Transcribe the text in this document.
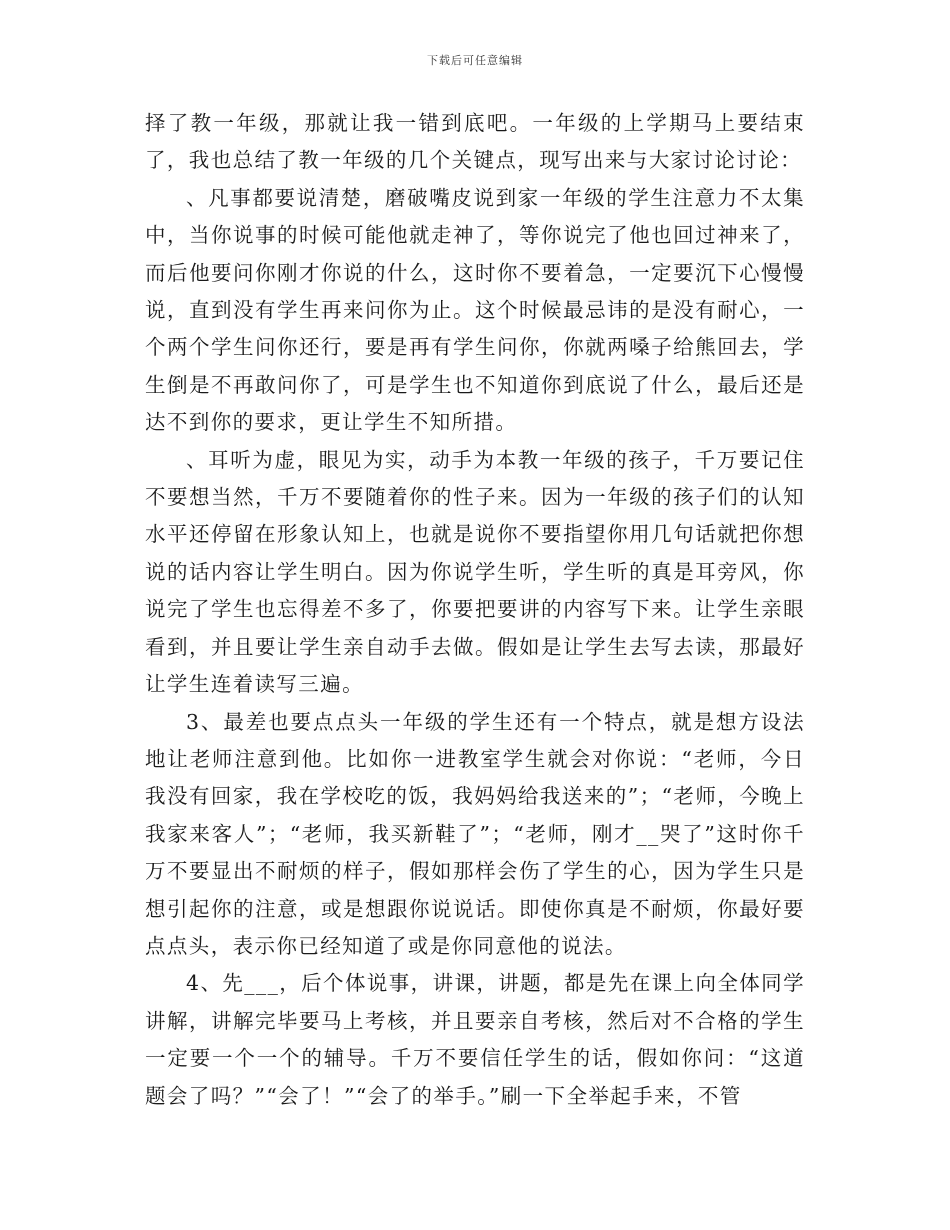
下载后可任意编辑

择了教一年级，那就让我一错到底吧。一年级的上学期马上要结束了，我也总结了教一年级的几个关键点，现写出来与大家讨论讨论：

、凡事都要说清楚，磨破嘴皮说到家一年级的学生注意力不太集中，当你说事的时候可能他就走神了，等你说完了他也回过神来了，而后他要问你刚才你说的什么，这时你不要着急，一定要沉下心慢慢说，直到没有学生再来问你为止。这个时候最忌讳的是没有耐心，一个两个学生问你还行，要是再有学生问你，你就两嗓子给熊回去，学生倒是不再敢问你了，可是学生也不知道你到底说了什么，最后还是达不到你的要求，更让学生不知所措。

、耳听为虚，眼见为实，动手为本教一年级的孩子，千万要记住不要想当然，千万不要随着你的性子来。因为一年级的孩子们的认知水平还停留在形象认知上，也就是说你不要指望你用几句话就把你想说的话内容让学生明白。因为你说学生听，学生听的真是耳旁风，你说完了学生也忘得差不多了，你要把要讲的内容写下来。让学生亲眼看到，并且要让学生亲自动手去做。假如是让学生去写去读，那最好让学生连着读写三遍。

3、最差也要点点头一年级的学生还有一个特点，就是想方设法地让老师注意到他。比如你一进教室学生就会对你说：“老师，今日我没有回家，我在学校吃的饭，我妈妈给我送来的”；“老师，今晚上我家来客人”；“老师，我买新鞋了”；“老师，刚才__哭了”这时你千万不要显出不耐烦的样子，假如那样会伤了学生的心，因为学生只是想引起你的注意，或是想跟你说说话。即使你真是不耐烦，你最好要点点头，表示你已经知道了或是你同意他的说法。

4、先___，后个体说事，讲课，讲题，都是先在课上向全体同学讲解，讲解完毕要马上考核，并且要亲自考核，然后对不合格的学生一定要一个一个的辅导。千万不要信任学生的话，假如你问：“这道题会了吗？”“会了！”“会了的举手。”刷一下全举起手来，不管
